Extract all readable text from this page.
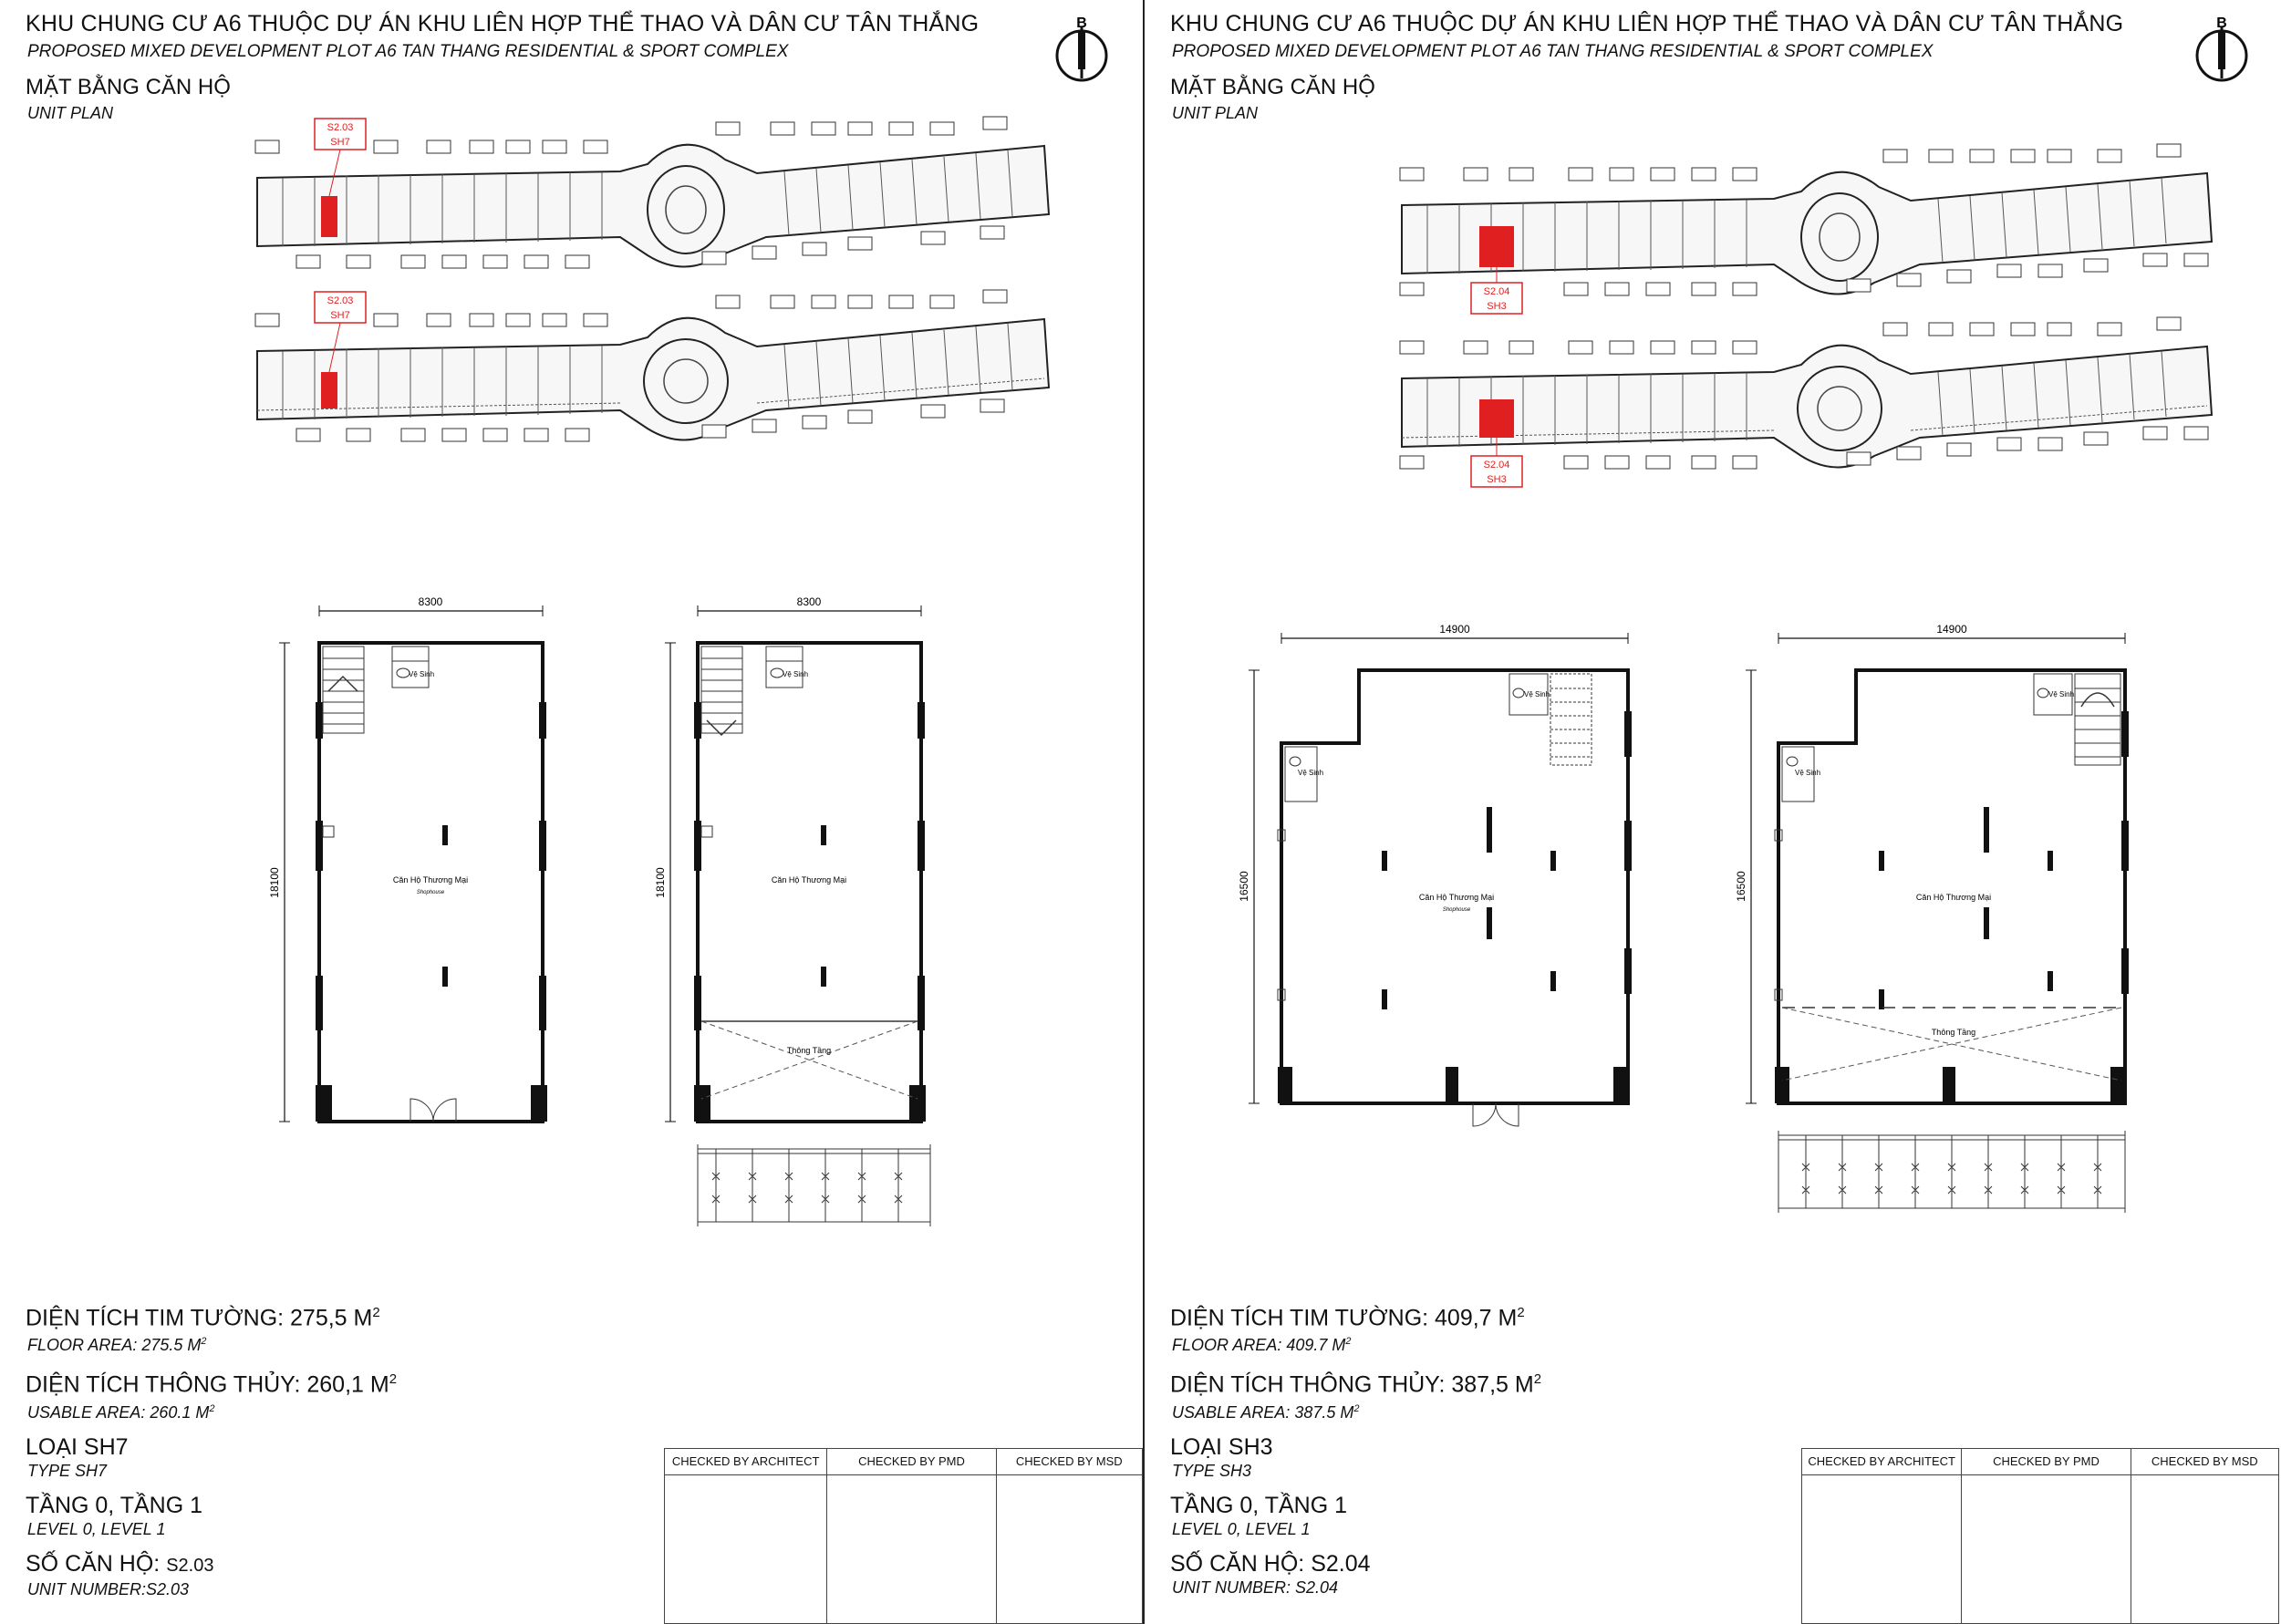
KHU CHUNG CƯ A6 THUỘC DỰ ÁN KHU LIÊN HỢP THỂ THAO VÀ DÂN CƯ TÂN THẮNG
PROPOSED MIXED DEVELOPMENT PLOT A6 TAN THANG RESIDENTIAL & SPORT COMPLEX
MẶT BẰNG CĂN HỘ
UNIT PLAN
B
S2.03
SH7
S2.03
SH7
8300
18100
Vệ Sinh
Căn Hộ Thương Mại
Shophouse
8300
18100
Thông Tầng
Vệ Sinh
Căn Hộ Thương Mại

DIỆN TÍCH TIM TƯỜNG: 275,5 $M^2$

FLOOR AREA: 275.5 $M^2$

DIỆN TÍCH THÔNG THỦY: 260,1 $M^2$

USABLE AREA: 260.1 $M^2$

LOẠI SH7

TYPE SH7

TẦNG 0, TẦNG 1

LEVEL 0, LEVEL 1

SỐ CĂN HỘ: S2.03

UNIT NUMBER:S2.03

CHECKED BY ARCHITECT	CHECKED BY PMD	CHECKED BY MSD
KHU CHUNG CƯ A6 THUỘC DỰ ÁN KHU LIÊN HỢP THỂ THAO VÀ DÂN CƯ TÂN THẮNG
PROPOSED MIXED DEVELOPMENT PLOT A6 TAN THANG RESIDENTIAL & SPORT COMPLEX
MẶT BẰNG CĂN HỘ
UNIT PLAN
B
S2.04
SH3
S2.04
SH3
14900
16500
Vệ Sinh
Vệ Sinh
Căn Hộ Thương Mại
Shophouse
14900
16500
Thông Tầng
Vệ Sinh
Vệ Sinh
Căn Hộ Thương Mại

DIỆN TÍCH TIM TƯỜNG: 409,7 $M^2$

FLOOR AREA: 409.7 $M^2$

DIỆN TÍCH THÔNG THỦY: 387,5 $M^2$

USABLE AREA: 387.5 $M^2$

LOẠI SH3

TYPE SH3

TẦNG 0, TẦNG 1

LEVEL 0, LEVEL 1

SỐ CĂN HỘ: S2.04

UNIT NUMBER: S2.04

CHECKED BY ARCHITECT	CHECKED BY PMD	CHECKED BY MSD
